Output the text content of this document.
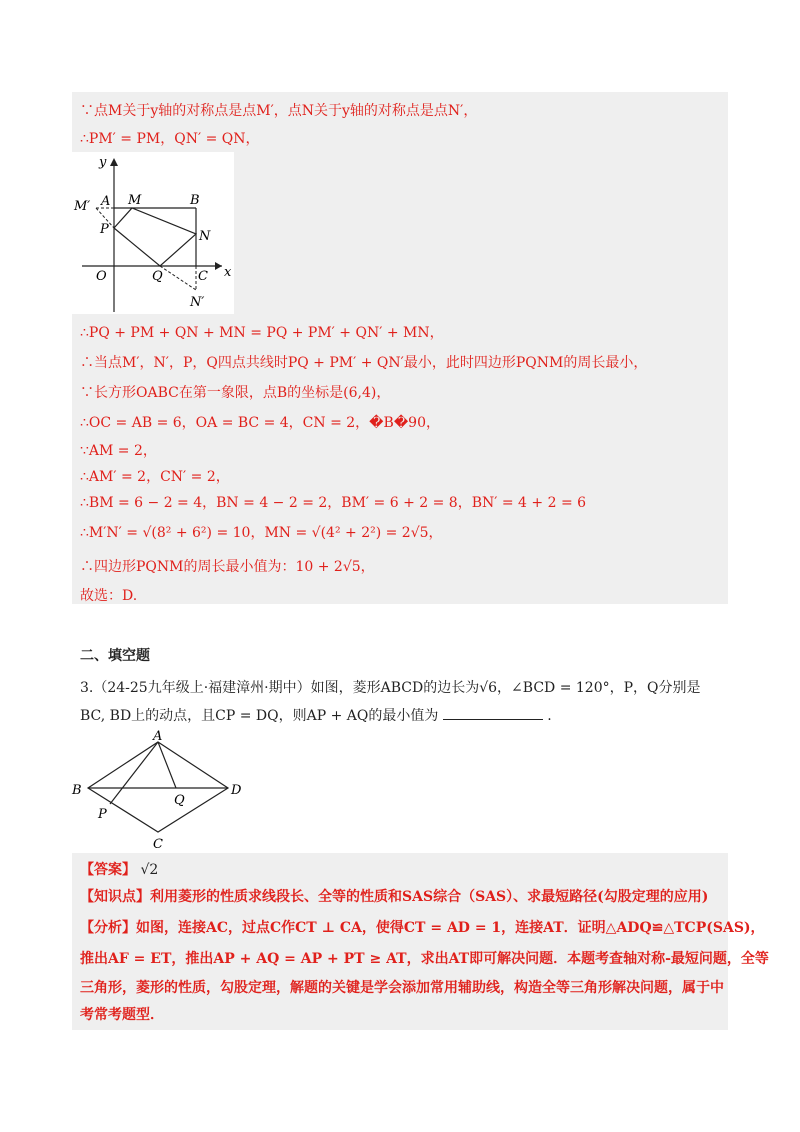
∵点M关于y轴的对称点是点M′，点N关于y轴的对称点是点N′，
∴PM′ = PM，QN′ = QN，
y
x
A M	B
M′
P	N
O	Q	C
N′
∴PQ + PM + QN + MN = PQ + PM′ + QN′ + MN，
∴当点M′，N′，P，Q四点共线时PQ + PM′ + QN′最小，此时四边形PQNM的周长最小，
∵长方形OABC在第一象限，点B的坐标是(6,4)，
∴OC = AB = 6，OA = BC = 4，CN = 2，�B�90，
∵AM = 2，
∴AM′ = 2，CN′ = 2，
∴BM = 6 − 2 = 4，BN = 4 − 2 = 2，BM′ = 6 + 2 = 8，BN′ = 4 + 2 = 6
∴M′N′ = √(8² + 6²) = 10，MN = √(4² + 2²) = 2√5，
∴四边形PQNM的周长最小值为：10 + 2√5，
故选：D.
二、填空题
3.（24-25九年级上·福建漳州·期中）如图，菱形ABCD的边长为√6，∠BCD = 120°，P，Q分别是
BC, BD上的动点，且CP = DQ，则AP + AQ的最小值为	.
A
B
Q
D
P
C
【答案】 √2
【知识点】利用菱形的性质求线段长、全等的性质和SAS综合（SAS）、求最短路径(勾股定理的应用)
【分析】如图，连接AC，过点C作CT ⊥ CA，使得CT = AD = 1，连接AT．证明△ADQ≌△TCP(SAS)，
推出AF = ET，推出AP + AQ = AP + PT ≥ AT，求出AT即可解决问题．本题考查轴对称-最短问题，全等
三角形，菱形的性质，勾股定理，解题的关键是学会添加常用辅助线，构造全等三角形解决问题，属于中
考常考题型．
